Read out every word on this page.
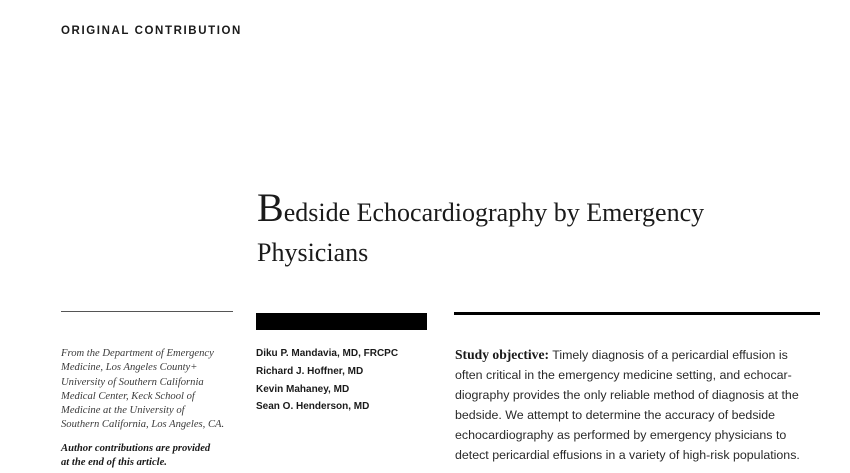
ORIGINAL CONTRIBUTION
Bedside Echocardiography by Emergency
Physicians
From the Department of Emergency
Medicine, Los Angeles County+
University of Southern California
Medical Center, Keck School of
Medicine at the University of
Southern California, Los Angeles, CA.
Author contributions are provided
at the end of this article.
Diku P. Mandavia, MD, FRCPC
Richard J. Hoffner, MD
Kevin Mahaney, MD
Sean O. Henderson, MD
Study objective: Timely diagnosis of a pericardial effusion is
often critical in the emergency medicine setting, and echocar-
diography provides the only reliable method of diagnosis at the
bedside. We attempt to determine the accuracy of bedside
echocardiography as performed by emergency physicians to
detect pericardial effusions in a variety of high-risk populations.
